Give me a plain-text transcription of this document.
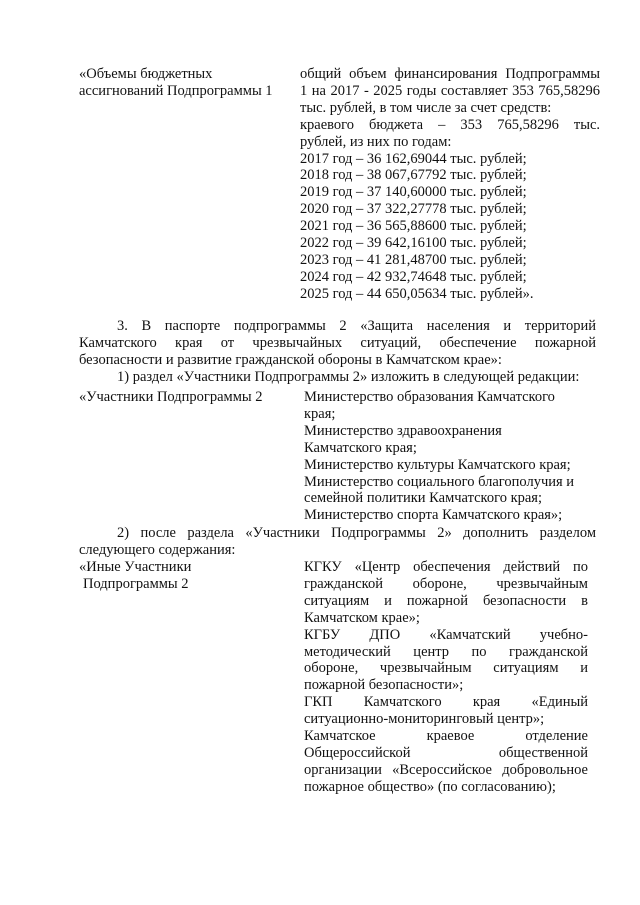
«Объемы бюджетных
ассигнований Подпрограммы 1
общий объем финансирования Подпрограммы
1 на 2017 - 2025 годы составляет 353 765,58296
тыс. рублей, в том числе за счет средств:
краевого бюджета – 353 765,58296 тыс.
рублей, из них по годам:
2017 год – 36 162,69044 тыс. рублей;
2018 год – 38 067,67792 тыс. рублей;
2019 год – 37 140,60000 тыс. рублей;
2020 год – 37 322,27778 тыс. рублей;
2021 год – 36 565,88600 тыс. рублей;
2022 год – 39 642,16100 тыс. рублей;
2023 год – 41 281,48700 тыс. рублей;
2024 год – 42 932,74648 тыс. рублей;
2025 год – 44 650,05634 тыс. рублей».
3. В паспорте подпрограммы 2 «Защита населения и территорий
Камчатского края от чрезвычайных ситуаций, обеспечение пожарной
безопасности и развитие гражданской обороны в Камчатском крае»:
1) раздел «Участники Подпрограммы 2» изложить в следующей редакции:
«Участники Подпрограммы 2	Министерство образования Камчатского
края;
Министерство здравоохранения
Камчатского края;
Министерство культуры Камчатского края;
Министерство социального благополучия и
семейной политики Камчатского края;
Министерство спорта Камчатского края»;
2) после раздела «Участники Подпрограммы 2» дополнить разделом
следующего содержания:
«Иные Участники
Подпрограммы 2
КГКУ «Центр обеспечения действий по
гражданской обороне, чрезвычайным
ситуациям и пожарной безопасности в
Камчатском крае»;
КГБУ ДПО «Камчатский учебно-
методический центр по гражданской
обороне, чрезвычайным ситуациям и
пожарной безопасности»;
ГКП Камчатского края «Единый
ситуационно-мониторинговый центр»;
Камчатское краевое отделение
Общероссийской общественной
организации «Всероссийское добровольное
пожарное общество» (по согласованию);
